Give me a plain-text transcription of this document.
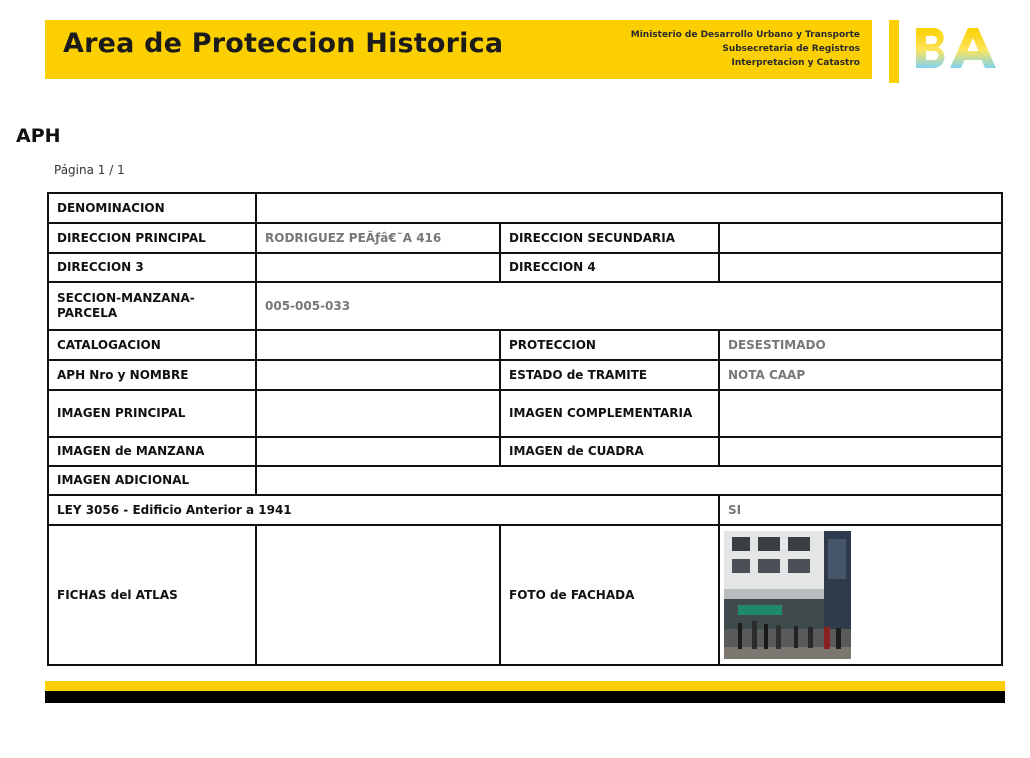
Area de Proteccion Historica	Ministerio de Desarrollo Urbano y Transporte
Subsecretaria de Registros
Interpretacion y Catastro
BA
APH
Página 1 / 1
DENOMINACION			
DIRECCION PRINCIPAL	RODRIGUEZ PEÃƒâ€˜A 416	DIRECCION SECUNDARIA	
DIRECCION 3		DIRECCION 4	
SECCION-MANZANA-PARCELA	005-005-033		
CATALOGACION		PROTECCION	DESESTIMADO
APH Nro y NOMBRE		ESTADO de TRAMITE	NOTA CAAP
IMAGEN PRINCIPAL		IMAGEN COMPLEMENTARIA	
IMAGEN de MANZANA		IMAGEN de CUADRA	
IMAGEN ADICIONAL			
LEY 3056 - Edificio Anterior a 1941			SI
FICHAS del ATLAS		FOTO de FACHADA	
